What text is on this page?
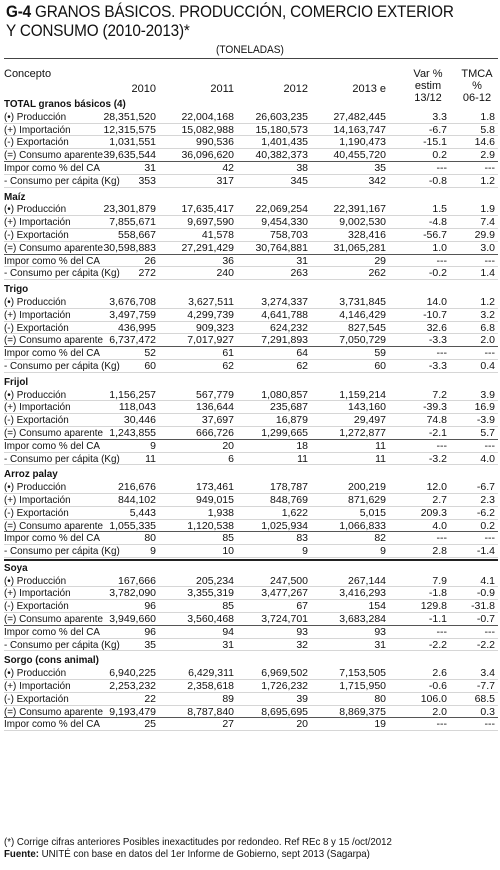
G-4 GRANOS BÁSICOS. PRODUCCIÓN, COMERCIO EXTERIOR
Y CONSUMO (2010-2013)*
(TONELADAS)
Concepto
2010	2011	2012	2013 e
Var %
estim
13/12
TMCA
%
06-12
TOTAL granos básicos (4)
(•) Producción	28,351,520 22,004,168 26,603,235 27,482,445	3.3	1.8
(+) Importación	12,315,575 15,082,988 15,180,573 14,163,747	-6.7	5.8
(-) Exportación	1,031,551	990,536	1,401,435	1,190,473	-15.1	14.6
(=) Consumo aparente 39,635,544 36,096,620 40,382,373 40,455,720	0.2	2.9
Impor como % del CA	31	42	38	35	---	---
- Consumo per cápita (Kg) 353	317	345	342	-0.8	1.2
Maíz
(•) Producción	23,301,879 17,635,417 22,069,254 22,391,167	1.5	1.9
(+) Importación	7,855,671	9,697,590	9,454,330	9,002,530	-4.8	7.4
(-) Exportación	558,667	41,578	758,703	328,416	-56.7	29.9
(=) Consumo aparente 30,598,883 27,291,429 30,764,881 31,065,281	1.0	3.0
Impor como % del CA	26	36	31	29	---	---
- Consumo per cápita (Kg) 272	240	263	262	-0.2	1.4
Trigo
(•) Producción	3,676,708	3,627,511	3,274,337	3,731,845	14.0	1.2
(+) Importación	3,497,759	4,299,739	4,641,788	4,146,429	-10.7	3.2
(-) Exportación	436,995	909,323	624,232	827,545	32.6	6.8
(=) Consumo aparente 6,737,472	7,017,927	7,291,893	7,050,729	-3.3	2.0
Impor como % del CA	52	61	64	59	---	---
- Consumo per cápita (Kg) 60	62	62	60	-3.3	0.4
Frijol
(•) Producción	1,156,257	567,779	1,080,857	1,159,214	7.2	3.9
(+) Importación	118,043	136,644	235,687	143,160	-39.3	16.9
(-) Exportación	30,446	37,697	16,879	29,497	74.8	-3.9
(=) Consumo aparente 1,243,855	666,726	1,299,665	1,272,877	-2.1	5.7
Impor como % del CA	9	20	18	11	---	---
- Consumo per cápita (Kg) 11	6	11	11	-3.2	4.0
Arroz palay
(•) Producción	216,676	173,461	178,787	200,219	12.0	-6.7
(+) Importación	844,102	949,015	848,769	871,629	2.7	2.3
(-) Exportación	5,443	1,938	1,622	5,015	209.3	-6.2
(=) Consumo aparente 1,055,335	1,120,538	1,025,934	1,066,833	4.0	0.2
Impor como % del CA	80	85	83	82	---	---
- Consumo per cápita (Kg)	9	10	9	9	2.8	-1.4
Soya
(•) Producción	167,666	205,234	247,500	267,144	7.9	4.1
(+) Importación	3,782,090	3,355,319	3,477,267	3,416,293	-1.8	-0.9
(-) Exportación	96	85	67	154	129.8 -31.8
(=) Consumo aparente 3,949,660	3,560,468	3,724,701	3,683,284	-1.1	-0.7
Impor como % del CA	96	94	93	93	---	---
- Consumo per cápita (Kg) 35	31	32	31	-2.2	-2.2
Sorgo (cons animal)
(•) Producción	6,940,225	6,429,311	6,969,502	7,153,505	2.6	3.4
(+) Importación	2,253,232	2,358,618	1,726,232	1,715,950	-0.6	-7.7
(-) Exportación	22	89	39	80	106.0	68.5
(=) Consumo aparente 9,193,479	8,787,840	8,695,695	8,869,375	2.0	0.3
Impor como % del CA	25	27	20	19	---	---
(*) Corrige cifras anteriores Posibles inexactitudes por redondeo. Ref REc 8 y 15 /oct/2012
Fuente: UNITÉ con base en datos del 1er Informe de Gobierno, sept 2013 (Sagarpa)
